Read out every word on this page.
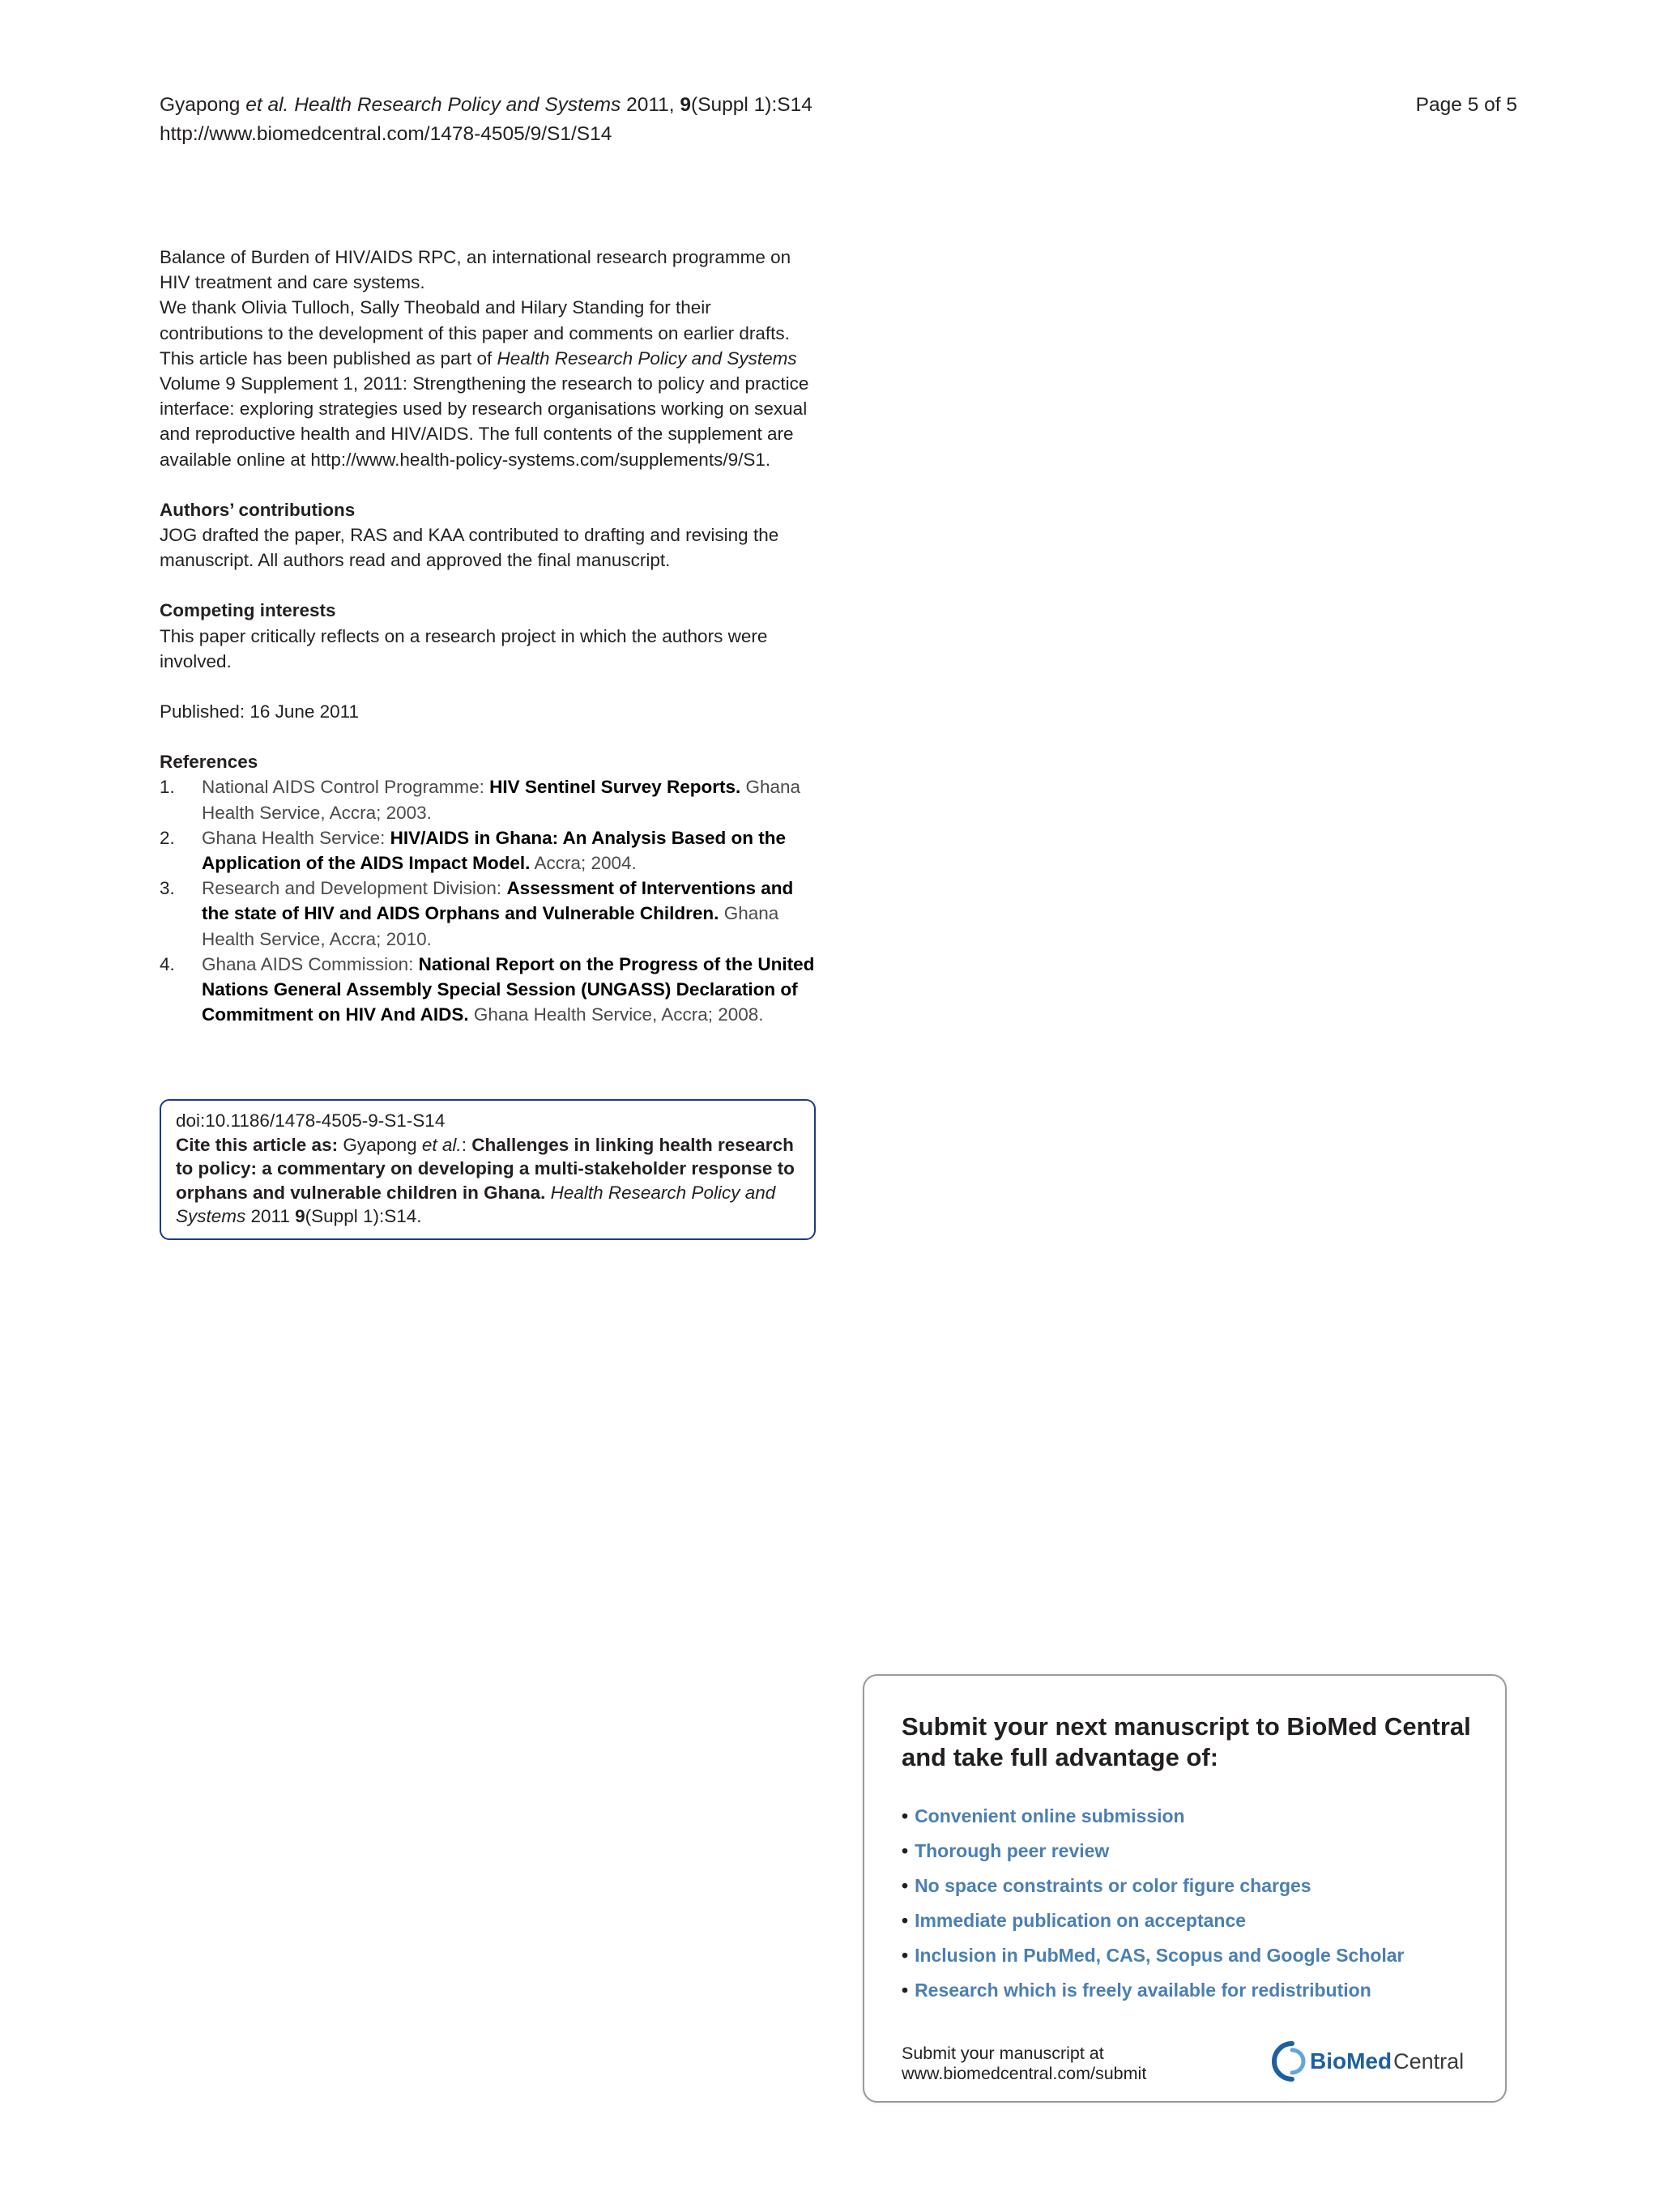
Gyapong et al. Health Research Policy and Systems 2011, 9(Suppl 1):S14	Page 5 of 5
http://www.biomedcentral.com/1478-4505/9/S1/S14

Balance of Burden of HIV/AIDS RPC, an international research programme on HIV treatment and care systems.

We thank Olivia Tulloch, Sally Theobald and Hilary Standing for their contributions to the development of this paper and comments on earlier drafts.

This article has been published as part of Health Research Policy and Systems Volume 9 Supplement 1, 2011: Strengthening the research to policy and practice interface: exploring strategies used by research organisations working on sexual and reproductive health and HIV/AIDS. The full contents of the supplement are available online at http://www.health-policy-systems.com/supplements/9/S1.

Authors’ contributions

JOG drafted the paper, RAS and KAA contributed to drafting and revising the manuscript. All authors read and approved the final manuscript.

Competing interests

This paper critically reflects on a research project in which the authors were involved.

Published: 16 June 2011

References

1. National AIDS Control Programme: HIV Sentinel Survey Reports. Ghana Health Service, Accra; 2003.
2. Ghana Health Service: HIV/AIDS in Ghana: An Analysis Based on the Application of the AIDS Impact Model. Accra; 2004.
3. Research and Development Division: Assessment of Interventions and the state of HIV and AIDS Orphans and Vulnerable Children. Ghana Health Service, Accra; 2010.
4. Ghana AIDS Commission: National Report on the Progress of the United Nations General Assembly Special Session (UNGASS) Declaration of Commitment on HIV And AIDS. Ghana Health Service, Accra; 2008.
doi:10.1186/1478-4505-9-S1-S14
Cite this article as: Gyapong et al.: Challenges in linking health research to policy: a commentary on developing a multi-stakeholder response to orphans and vulnerable children in Ghana. Health Research Policy and Systems 2011 9(Suppl 1):S14.
Submit your next manuscript to BioMed Central and take full advantage of:
• Convenient online submission
• Thorough peer review
• No space constraints or color figure charges
• Immediate publication on acceptance
• Inclusion in PubMed, CAS, Scopus and Google Scholar
• Research which is freely available for redistribution
Submit your manuscript at
www.biomedcentral.com/submit	BioMed Central
